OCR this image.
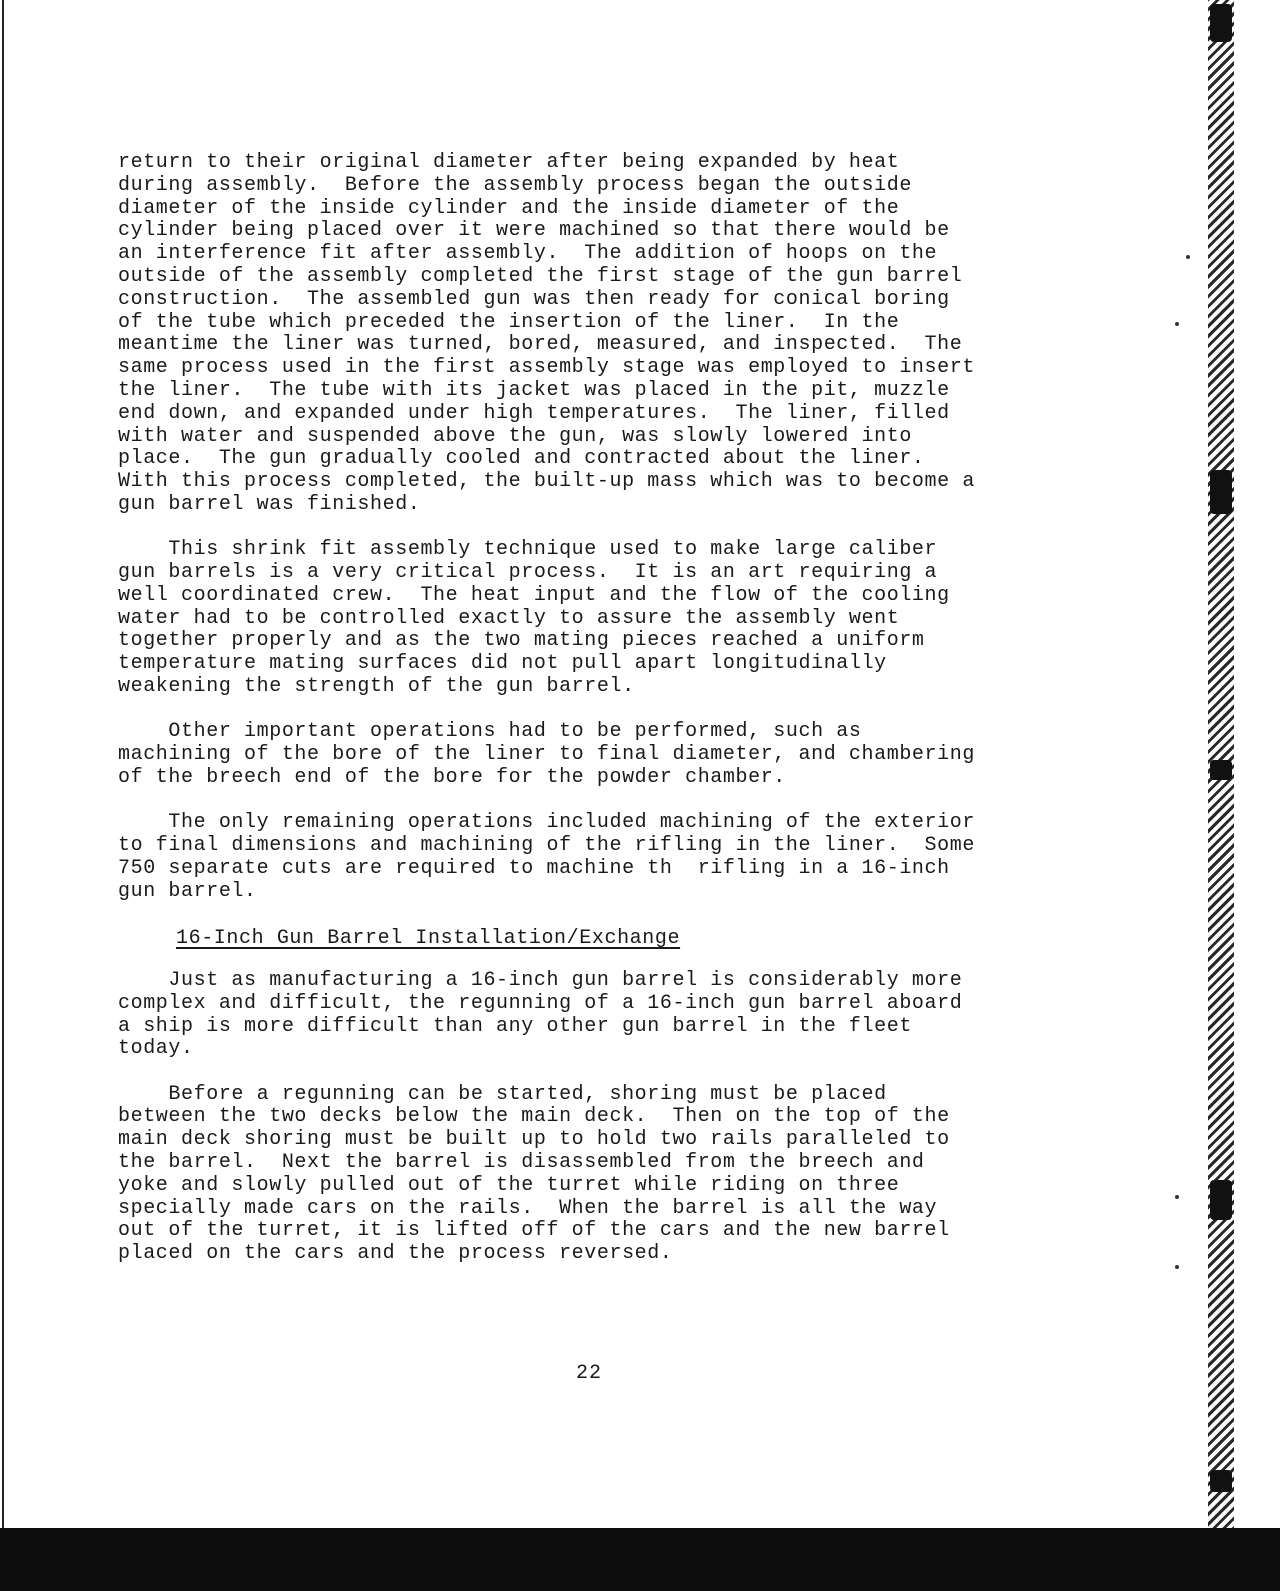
return to their original diameter after being expanded by heat
during assembly.  Before the assembly process began the outside
diameter of the inside cylinder and the inside diameter of the
cylinder being placed over it were machined so that there would be
an interference fit after assembly.  The addition of hoops on the
outside of the assembly completed the first stage of the gun barrel
construction.  The assembled gun was then ready for conical boring
of the tube which preceded the insertion of the liner.  In the
meantime the liner was turned, bored, measured, and inspected.  The
same process used in the first assembly stage was employed to insert
the liner.  The tube with its jacket was placed in the pit, muzzle
end down, and expanded under high temperatures.  The liner, filled
with water and suspended above the gun, was slowly lowered into
place.  The gun gradually cooled and contracted about the liner.
With this process completed, the built-up mass which was to become a
gun barrel was finished.
This shrink fit assembly technique used to make large caliber
gun barrels is a very critical process.  It is an art requiring a
well coordinated crew.  The heat input and the flow of the cooling
water had to be controlled exactly to assure the assembly went
together properly and as the two mating pieces reached a uniform
temperature mating surfaces did not pull apart longitudinally
weakening the strength of the gun barrel.
Other important operations had to be performed, such as
machining of the bore of the liner to final diameter, and chambering
of the breech end of the bore for the powder chamber.
The only remaining operations included machining of the exterior
to final dimensions and machining of the rifling in the liner.  Some
750 separate cuts are required to machine th  rifling in a 16-inch
gun barrel.
16-Inch Gun Barrel Installation/Exchange
Just as manufacturing a 16-inch gun barrel is considerably more
complex and difficult, the regunning of a 16-inch gun barrel aboard
a ship is more difficult than any other gun barrel in the fleet
today.
Before a regunning can be started, shoring must be placed
between the two decks below the main deck.  Then on the top of the
main deck shoring must be built up to hold two rails paralleled to
the barrel.  Next the barrel is disassembled from the breech and
yoke and slowly pulled out of the turret while riding on three
specially made cars on the rails.  When the barrel is all the way
out of the turret, it is lifted off of the cars and the new barrel
placed on the cars and the process reversed.
22
